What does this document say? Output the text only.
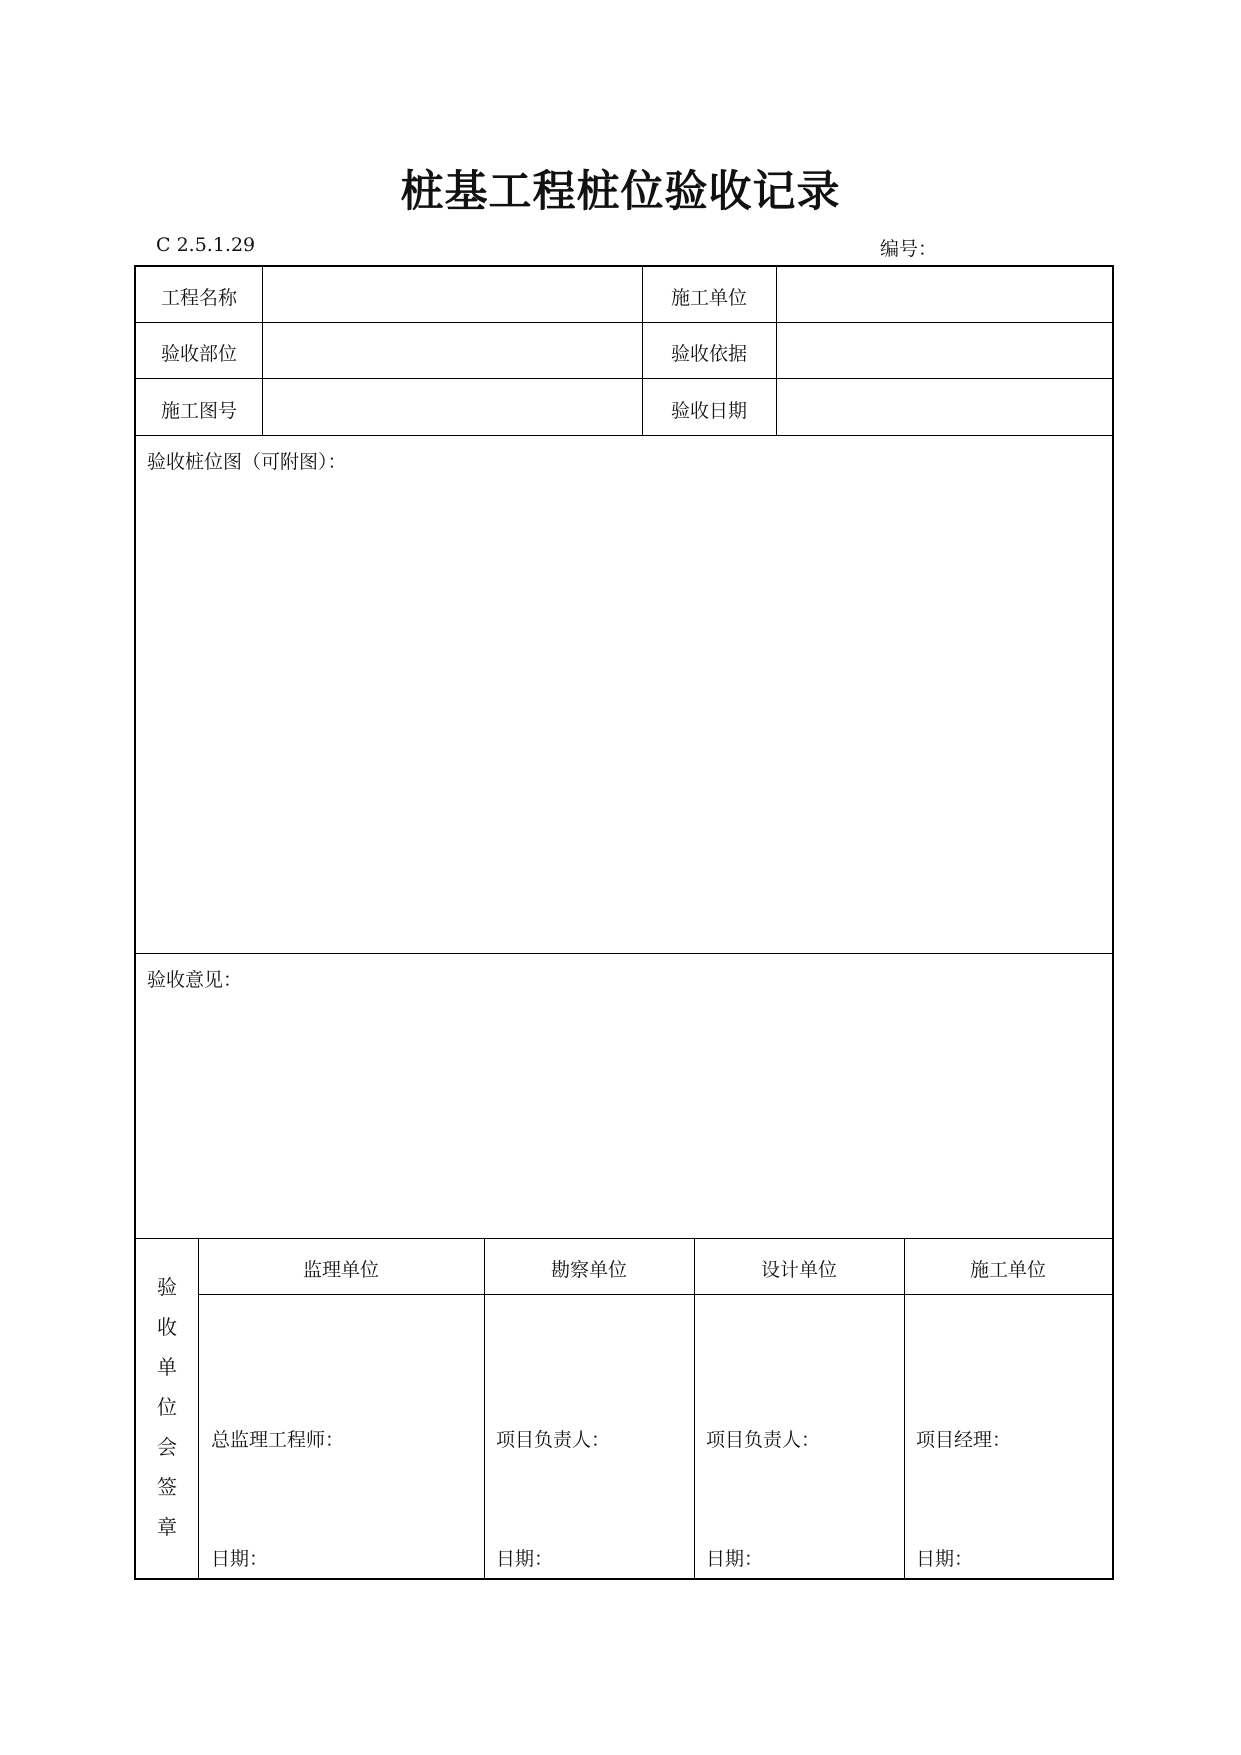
桩基工程桩位验收记录
C 2.5.1.29	编号：
工程名称	施工单位
验收部位	验收依据
施工图号	验收日期
验收桩位图（可附图）：
验收意见：
监理单位	勘察单位	设计单位	施工单位
总监理工程师：	项目负责人：	项目负责人：	项目经理：
日期：	日期：	日期：	日期：
验
收
单
位
会
签
章
